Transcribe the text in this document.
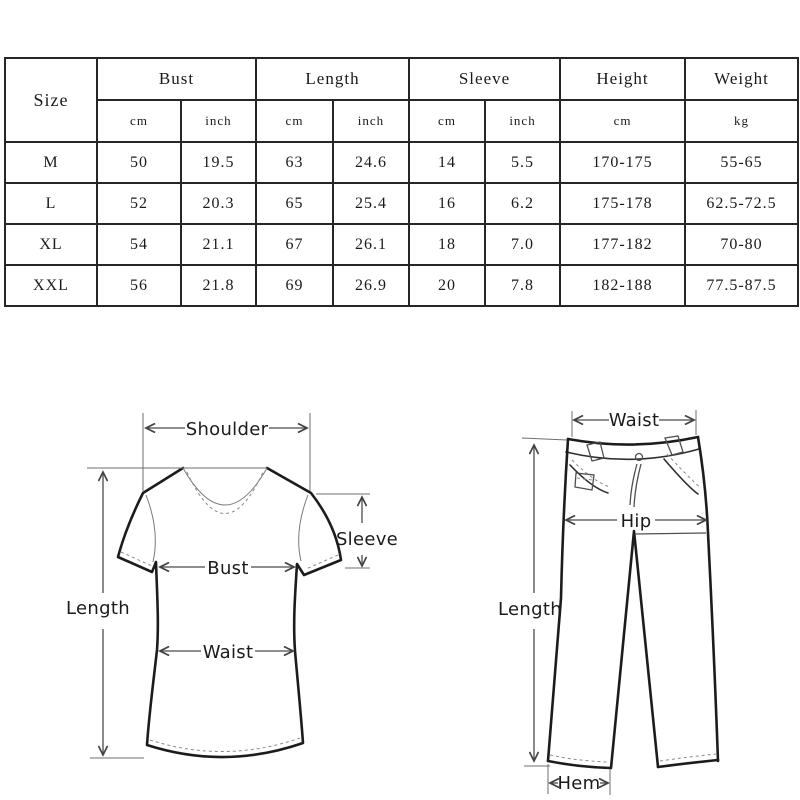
Size	Bust		Length		Sleeve		Height	Weight
	cm	inch	cm	inch	cm	inch	cm	kg
M	50	19.5	63	24.6	14	5.5	170-175	55-65
L	52	20.3	65	25.4	16	6.2	175-178	62.5-72.5
XL	54	21.1	67	26.1	18	7.0	177-182	70-80
XXL	56	21.8	69	26.9	20	7.8	182-188	77.5-87.5
Shoulder
Length
Sleeve
Bust
Waist
Waist
Hip
Length
Hem
